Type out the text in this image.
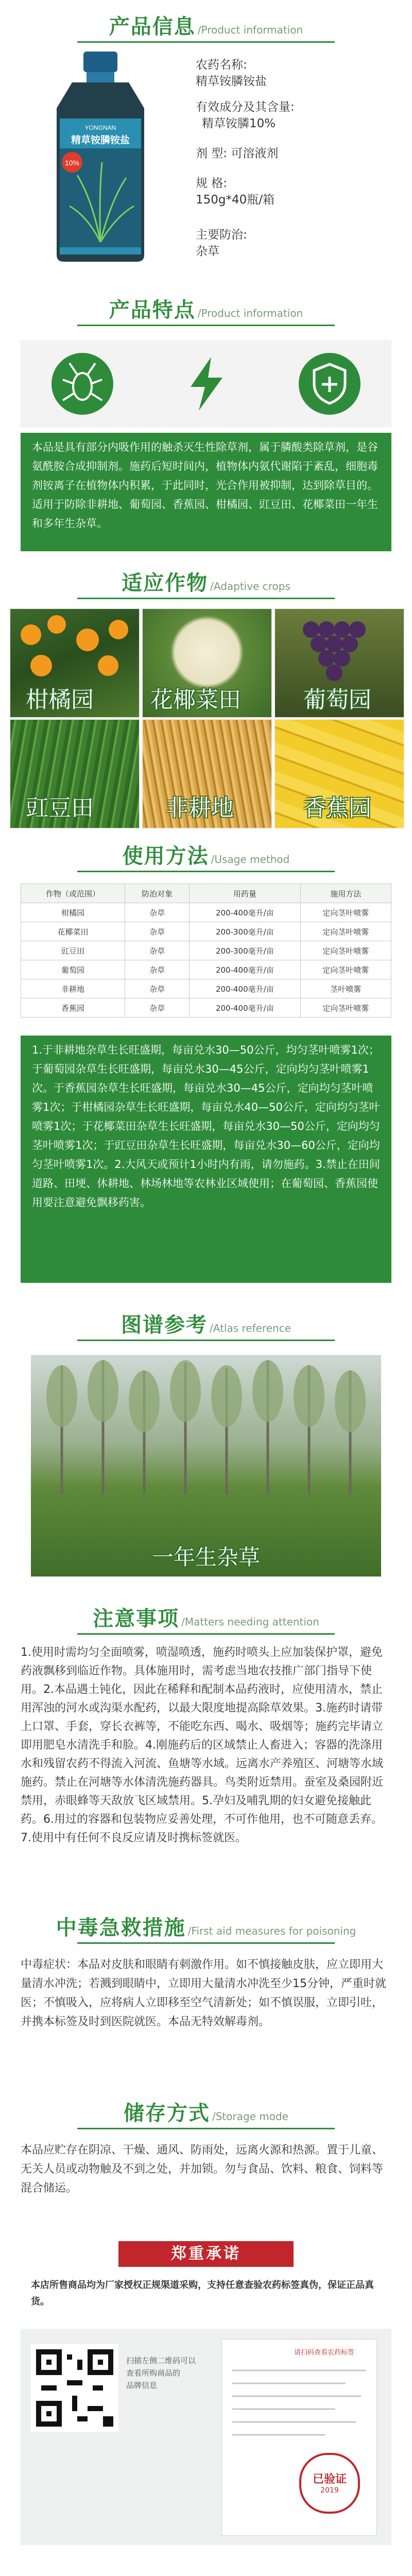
产品信息 /Product information
YONGNAN
精草铵膦铵盐
10%
农药名称:
精草铵膦铵盐
有效成分及其含量:
精草铵膦10%
剂 型: 可溶液剂
规 格:
150g*40瓶/箱
主要防治:
杂草
产品特点 /Product information
本品是具有部分内吸作用的触杀灭生性除草剂，属于膦酸类除草剂，是谷氨酰胺合成抑制剂。施药后短时间内，植物体内氨代谢陷于紊乱，细胞毒剂铵离子在植物体内积累，于此同时，光合作用被抑制，达到除草目的。适用于防除非耕地、葡萄园、香蕉园、柑橘园、豇豆田、花椰菜田一年生和多年生杂草。
适应作物 /Adaptive crops
柑橘园	花椰菜田	葡萄园
豇豆田	非耕地	香蕉园
使用方法 /Usage method
作物（或范围）	防治对象	用药量	施用方法
柑橘园	杂草	200-400毫升/亩	定向茎叶喷雾
花椰菜田	杂草	200-300毫升/亩	定向茎叶喷雾
豇豆田	杂草	200-300毫升/亩	定向茎叶喷雾
葡萄园	杂草	200-400毫升/亩	定向茎叶喷雾
非耕地	杂草	200-400毫升/亩	茎叶喷雾
香蕉园	杂草	200-400毫升/亩	定向茎叶喷雾
1.于非耕地杂草生长旺盛期，每亩兑水30—50公斤，均匀茎叶喷雾1次；于葡萄园杂草生长旺盛期，每亩兑水30—45公斤，定向均匀茎叶喷雾1次。于香蕉园杂草生长旺盛期，每亩兑水30—45公斤，定向均匀茎叶喷雾1次；于柑橘园杂草生长旺盛期，每亩兑水40—50公斤，定向均匀茎叶喷雾1次；于花椰菜田杂草生长旺盛期，每亩兑水30—50公斤，定向均匀茎叶喷雾1次；于豇豆田杂草生长旺盛期，每亩兑水30—60公斤，定向均匀茎叶喷雾1次。2.大风天或预计1小时内有雨，请勿施药。3.禁止在田间道路、田埂、休耕地、林场林地等农林业区域使用；在葡萄园、香蕉园使用要注意避免飘移药害。
图谱参考 /Atlas reference
一年生杂草
注意事项 /Matters needing attention
1.使用时需均匀全面喷雾，喷湿喷透，施药时喷头上应加装保护罩，避免药液飘移到临近作物。具体施用时，需考虑当地农技推广部门指导下使用。2.本品遇土钝化，因此在稀释和配制本品药液时，应使用清水，禁止用浑浊的河水或沟渠水配药，以最大限度地提高除草效果。3.施药时请带上口罩、手套，穿长衣裤等，不能吃东西、喝水、吸烟等；施药完毕请立即用肥皂水清洗手和脸。4.刚施药后的区域禁止人畜进入；容器的洗涤用水和残留农药不得流入河流、鱼塘等水域。远离水产养殖区、河塘等水域施药。禁止在河塘等水体清洗施药器具。鸟类附近禁用。蚕室及桑园附近禁用，赤眼蜂等天敌放飞区域禁用。5.孕妇及哺乳期的妇女避免接触此药。6.用过的容器和包装物应妥善处理，不可作他用，也不可随意丢弃。7.使用中有任何不良反应请及时携标签就医。
中毒急救措施 /First aid measures for poisoning
中毒症状：本品对皮肤和眼睛有刺激作用。如不慎接触皮肤，应立即用大量清水冲洗；若溅到眼睛中，立即用大量清水冲洗至少15分钟，严重时就医；不慎吸入，应将病人立即移至空气清新处；如不慎误服，立即引吐，并携本标签及时到医院就医。本品无特效解毒剂。
储存方式 /Storage mode
本品应贮存在阴凉、干燥、通风、防雨处，远离火源和热源。置于儿童、无关人员或动物触及不到之处，并加锁。勿与食品、饮料、粮食、饲料等混合储运。
郑重承诺
本店所售商品均为厂家授权正规渠道采购，支持任意查验农药标签真伪，保证正品真货。
扫描左侧二维码可以
查看所购商品的
品牌信息
请扫码查看农药标签
已验证
2019
